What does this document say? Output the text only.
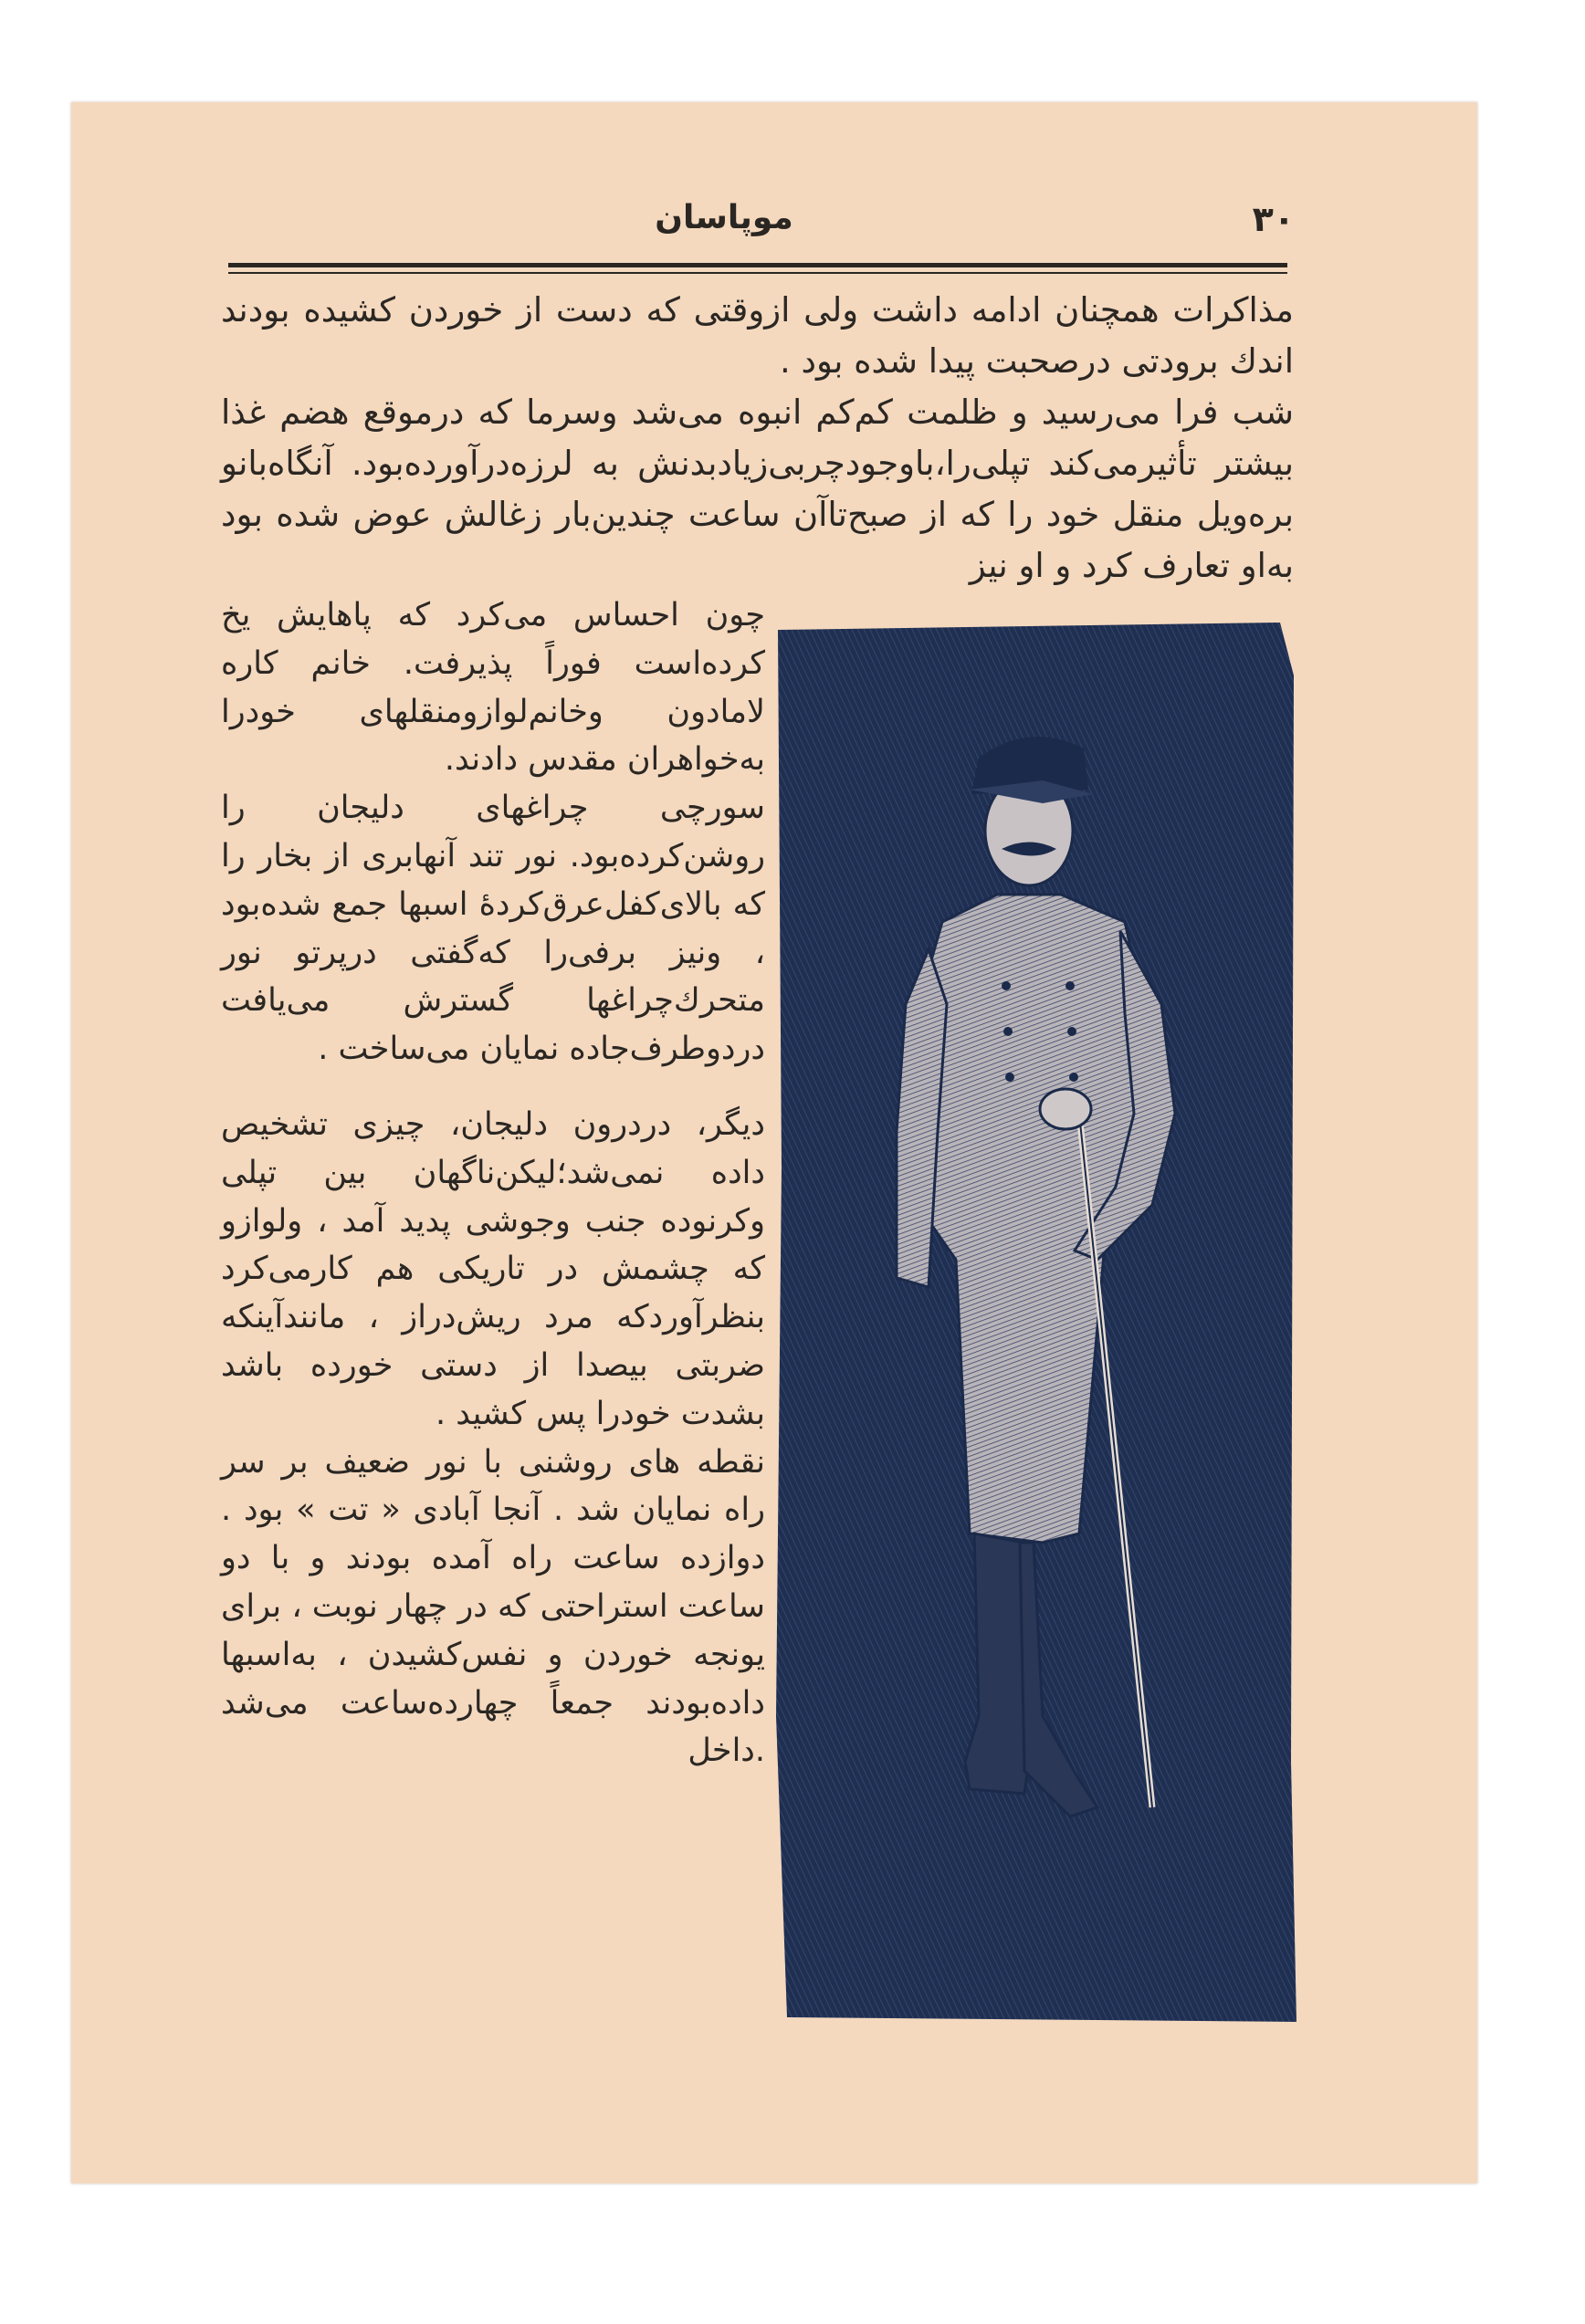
۳۰
موپاسان

مذاکرات همچنان ادامه داشت ولی ازوقتی که دست از خوردن کشیده بودند اندك برودتی درصحبت پیدا شده بود .

شب فرا می‌رسید و ظلمت کم‌کم انبوه می‌شد وسرما که درموقع هضم غذا بیشتر تأثیرمی‌کند تپلی‌را،باوجودچربی‌زیادبدنش به لرزه‌درآورده‌بود. آنگاه‌بانو بره‌ویل منقل خود را که از صبح‌تاآن ساعت چندین‌بار زغالش عوض شده بود به‌او تعارف کرد و او نیز

چون احساس می‌کرد که پاهایش یخ کرده‌است فوراً پذیرفت. خانم کاره لامادون وخانم‌لوازومنقلهای خودرا به‌خواهران مقدس دادند.

سورچی چراغهای دلیجان را روشن‌کرده‌بود. نور تند آنهابری از بخار را که بالای‌کفل‌عرق‌کردهٔ اسبها جمع شده‌بود ، ونیز برفی‌را که‌گفتی درپرتو نور متحرك‌چراغها گسترش می‌یافت دردوطرف‌جاده نمایان می‌ساخت .

دیگر، دردرون دلیجان، چیزی تشخیص داده نمی‌شد؛لیکن‌ناگهان بین تپلی وکرنوده جنب وجوشی پدید آمد ، ولوازو که چشمش در تاریکی هم کارمی‌کرد بنظرآوردکه مرد ریش‌دراز ، مانندآینکه ضربتی بیصدا از دستی خورده باشد بشدت خودرا پس کشید .

نقطه های روشنی با نور ضعیف بر سر راه نمایان شد . آنجا آبادی « تت » بود . دوازده ساعت راه آمده بودند و با دو ساعت استراحتی که در چهار نوبت ، برای یونجه خوردن و نفس‌کشیدن ، به‌اسبها داده‌بودند جمعاً چهارده‌ساعت می‌شد .داخل
